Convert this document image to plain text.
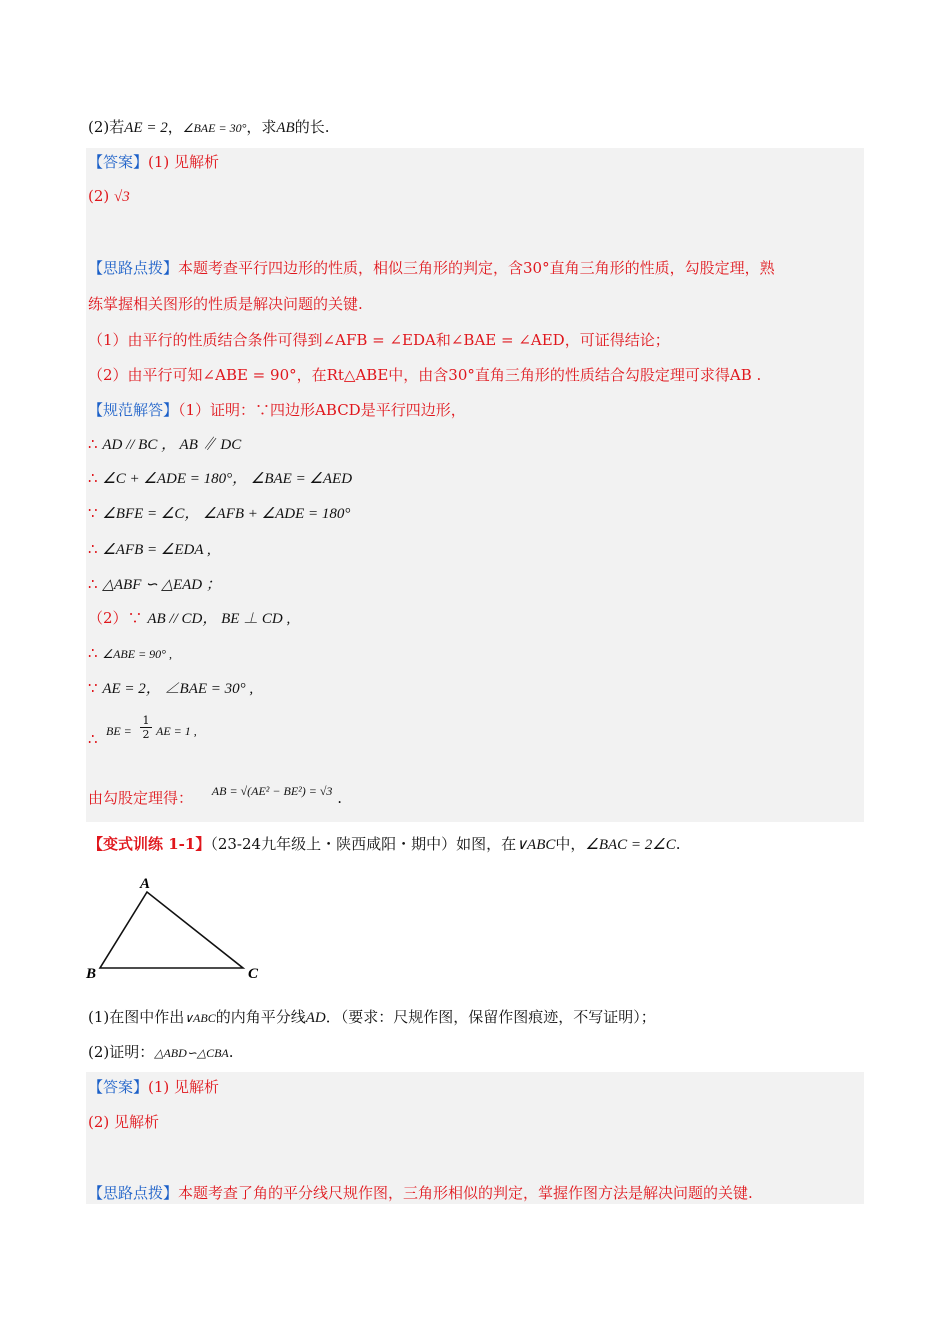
(2)若AE = 2，∠BAE = 30°，求AB的长.
【答案】(1) 见解析
(2) √3
【思路点拨】本题考查平行四边形的性质，相似三角形的判定，含30°直角三角形的性质，勾股定理，熟
练掌握相关图形的性质是解决问题的关键.
（1）由平行的性质结合条件可得到∠AFB = ∠EDA和∠BAE = ∠AED，可证得结论；
（2）由平行可知∠ABE = 90°，在Rt△ABE中，由含30°直角三角形的性质结合勾股定理可求得AB .
【规范解答】（1）证明：∵四边形ABCD是平行四边形，
∴ AD // BC ， AB ∥ DC
∴ ∠C + ∠ADE = 180°， ∠BAE = ∠AED
∵ ∠BFE = ∠C， ∠AFB + ∠ADE = 180°
∴ ∠AFB = ∠EDA ,
∴ △ABF ∽ △EAD ；
（2）∵ AB // CD， BE ⊥ CD ,
∴ ∠ABE = 90° ,
∵ AE = 2， ∠BAE = 30° ,
∴ BE =
1
2 AE = 1 ,
由勾股定理得： $^{AB = √(AE^2 - BE^2) = √3}$ .
【变式训练 1-1】（23-24九年级上・陕西咸阳・期中）如图，在∨ABC中，∠BAC = 2∠C.
A
B	C
(1)在图中作出∨ABC的内角平分线AD．（要求：尺规作图，保留作图痕迹，不写证明）；
(2)证明：△ABD∽△CBA.
【答案】(1) 见解析
(2) 见解析
【思路点拨】本题考查了角的平分线尺规作图，三角形相似的判定，掌握作图方法是解决问题的关键.
